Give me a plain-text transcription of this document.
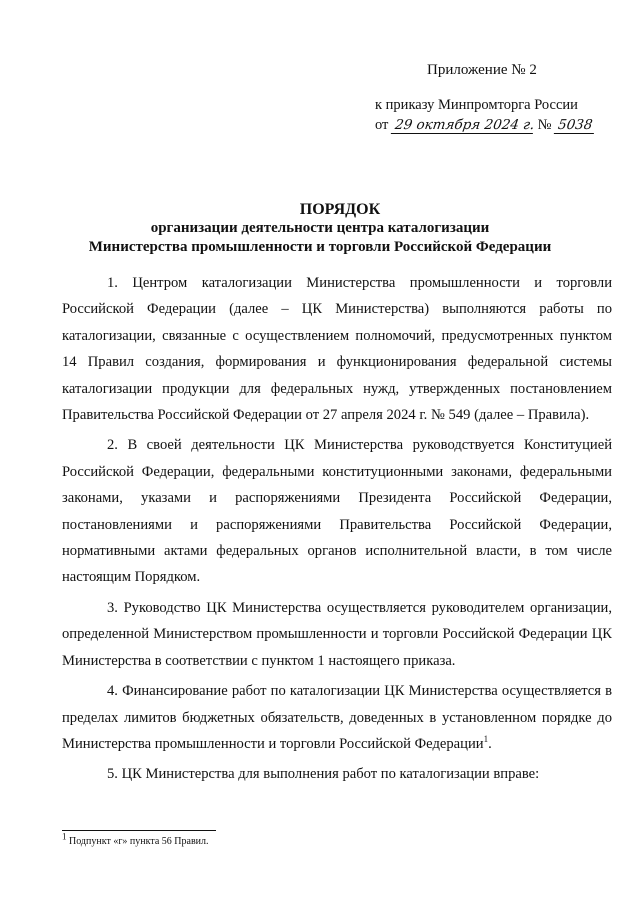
Приложение № 2
к приказу Минпромторга России
от 29 октября 2024 г. № 5038
ПОРЯДОК
организации деятельности центра каталогизации
Министерства промышленности и торговли Российской Федерации

1. Центром каталогизации Министерства промышленности и торговли Российской Федерации (далее – ЦК Министерства) выполняются работы по каталогизации, связанные с осуществлением полномочий, предусмотренных пунктом 14 Правил создания, формирования и функционирования федеральной системы каталогизации продукции для федеральных нужд, утвержденных постановлением Правительства Российской Федерации от 27 апреля 2024 г. № 549 (далее – Правила).

2. В своей деятельности ЦК Министерства руководствуется Конституцией Российской Федерации, федеральными конституционными законами, федеральными законами, указами и распоряжениями Президента Российской Федерации, постановлениями и распоряжениями Правительства Российской Федерации, нормативными актами федеральных органов исполнительной власти, в том числе настоящим Порядком.

3. Руководство ЦК Министерства осуществляется руководителем организации, определенной Министерством промышленности и торговли Российской Федерации ЦК Министерства в соответствии с пунктом 1 настоящего приказа.

4. Финансирование работ по каталогизации ЦК Министерства осуществляется в пределах лимитов бюджетных обязательств, доведенных в установленном порядке до Министерства промышленности и торговли Российской Федерации$^1$.

5. ЦК Министерства для выполнения работ по каталогизации вправе:

$^1$ Подпункт «г» пункта 56 Правил.
